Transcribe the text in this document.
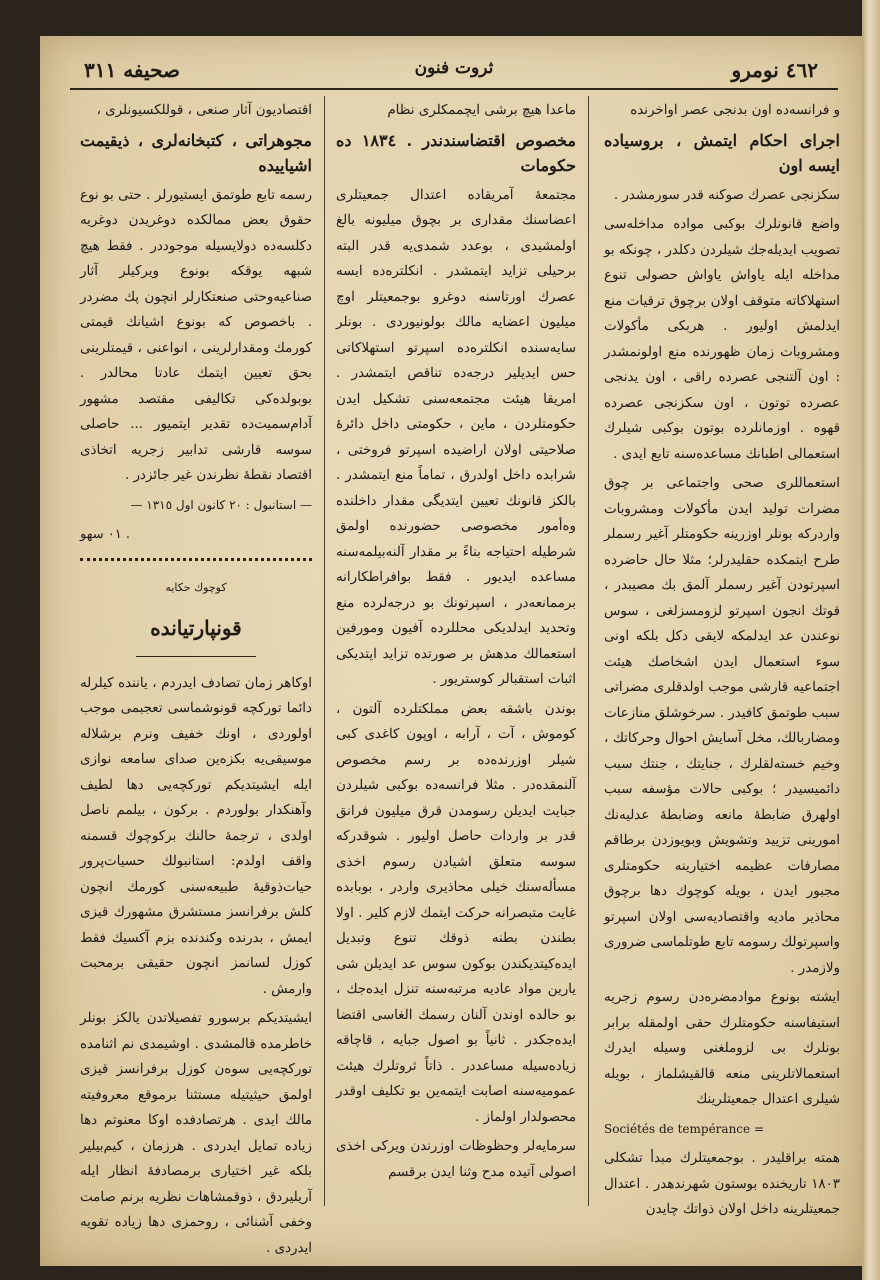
صحيفه ٣١١	ثروت فنون	٤٦٢ نومرو

و فرانسه‌ده اون بدنجی عصر اواخرنده

اجرای احکام ایتمش ، بروسیاده ایسه اون

سکزنجی عصرك صوكنه قدر سورمشدر .

واضع قانونلرك بوكبی مواده مداخله‌سی تصویب ایدیله‌جك شیلردن دكلدر ، چونكه بو مداخله ایله یاواش یاواش حصولی تنوع استهلاكاته متوقف اولان برچوق ترقیات منع ایدلمش اولیور . هربكی مأكولات ومشروبات زمان ظهورنده منع اولونمشدر : اون آلتنجی عصرده راقی ، اون یدنجی عصرده توتون ، اون سكزنجی عصرده قهوه . اوزمانلرده بوتون بوكبی شیلرك استعمالی اطبانك مساعده‌سنه تابع ایدی .

استعماللری صحی واجتماعی بر چوق مضرات تولید ایدن مأكولات ومشروبات واردركه بونلر اوزرینه حكومتلر آغیر رسملر طرح ایتمكده حقلیدرلر؛ مثلا حال حاضرده اسپرتودن آغیر رسملر آلمق بك مصیبدر ، قوتك انجون اسپرتو لزومسزلغی ، سوس نوعندن عد ایدلمكه لایقی دكل بلكه اونی سوء استعمال ایدن اشخاصك هیئت اجتماعیه قارشی موجب اولدقلری مضراتی سبب طوتمق كافیدر . سرخوشلق منازعات ومضاربالك، مخل آسایش احوال وحركاتك ، وخیم خسته‌لقلرك ، جنایتك ، جنتك سبب دائمیسیدر ؛ بوكبی حالات مؤسفه سبب اولهرق ضابطهٔ مانعه وضابطهٔ عدلیه‌نك امورینی تزیید وتشویش وبویوزدن برطاقم مصارفات عظیمه اختیارینه حكومتلری مجبور ایدن ، بویله كوچوك دها برچوق محاذیر مادیه واقتصادیه‌سی اولان اسپرتو واسپرتولك رسومه تابع طوتلماسی ضروری ولازمدر .

ایشته بونوع موادمضره‌دن رسوم زجریه استیفاسنه حكومتلرك حقی اولمقله برابر بونلرك بی لزوملغنی وسیله ایدرك استعمالاتلرینی منعه قالقیشلماز ، بویله شیلری اعتدال جمعیتلرینك

Sociétés de tempérance =

همته براقلیدر . بوجمعیتلرك مبدأ تشكلی ١٨٠٣ تاریخنده بوستون شهرندهدر . اعتدال جمعیتلرینه داخل اولان ذواتك چایدن

ماعدا هیچ برشی ایچممكلری نظام

مخصوص اقتضاسندندر . ١٨٣٤ ده حكومات

مجتمعهٔ آمریقاده اعتدال جمعیتلری اعضاسنك مقداری بر بچوق میلیونه بالغ اولمشیدی ، بوعدد شمدی‌یه قدر البته برحیلی تزاید ایتمشدر . انكلتره‌ده ایسه عصرك اورتاسنه دوغرو بوجمعیتلر اوچ میلیون اعضایه مالك بولونیوردی . بونلر سایه‌سنده انكلتره‌ده اسپرتو استهلاكاتی حس ایدیلیر درجه‌ده تناقص ایتمشدر . امریقا هیئت مجتمعه‌سنی تشكیل ایدن حكومتلردن ، ماین ، حكومتی داخل دائرهٔ صلاحیتی اولان اراضیده اسپرتو فروختی ، شرابده داخل اولدرق ، تماماً منع ایتمشدر . بالكز قانونك تعیین ایتدیگی مقدار داخلنده وه‌أمور مخصوصی حضورنده اولمق شرطیله احتیاجه بناءً بر مقدار آلنه‌بیلمه‌سنه مساعده ایدیور . فقط بوافراطكارانه برممانعه‌در ، اسپرتونك بو درجه‌لرده منع وتحدید ایدلدیكی محللرده آفیون ومورفین استعمالك مدهش بر صورتده تزاید ایتدیكی اثبات استقبالر كوستریور .

بوندن باشقه بعض مملكتلرده آلتون ، كوموش ، آت ، آرابه ، اوپون كاغدی كبی شیلر اوزرنده‌ده بر رسم مخصوص آلنمقده‌در . مثلا فرانسه‌ده بوكبی شیلردن جبایت ایدیلن رسومدن قرق میلیون فرانق قدر بر واردات حاصل اولیور . شوقدركه سوسه متعلق اشیادن رسوم اخذی مسأله‌سنك خیلی محاذیری واردر ، بوبابده غایت متبصرانه حركت ایتمك لازم كلیر . اولا بطندن بطنه ذوقك تنوع وتبدیل ایده‌كیتدیكندن بوكون سوس عد ایدیلن شی یارین مواد عادیه مرتبه‌سنه تنزل ایده‌جك ، بو حالده اوندن آلنان رسمك الغاسی اقتضا ایده‌جكدر . ثانیاً بو اصول جبایه ، قاچاقه زیاده‌سیله مساعددر . ذاتاً ثروتلرك هیئت عمومیه‌سنه اصابت ایتمه‌ین بو تكلیف اوقدر محصولدار اولماز .

سرمایه‌لر وحظوظات اوزرندن ویركی اخذی اصولی آتیده مدح وثنا ایدن برقسم

اقتصادیون آثار صنعی ، قوللكسیونلری ،

مجوهراتی ، كتبخانه‌لری ، ذیقیمت اشیاییده

رسمه تابع طوتمق ایستیورلر . حتی بو نوع حقوق بعض ممالكده دوغریدن دوغریه دكلسه‌ده دولایسیله موجوددر . فقط هیچ شبهه یوقكه بونوع ویركیلر آثار صناعیه‌وحتی صنعتكارلر انچون پك مضردر . باخصوص كه بونوع اشیانك قیمتی كورمك ومقدارلرینی ، انواعنی ، قیمتلرینی بحق تعیین ایتمك عادتا محالدر . بوبولده‌كی تكالیفی مقتصد مشهور آدام‌سمیت‌ده تقدیر ایتمیور ... حاصلی سوسه قارشی تدابیر زجریه اتخاذی اقتصاد نقطهٔ نظرندن غیر جائزدر .

— استانبول : ٢٠ كانون اول ١٣١٥ —

٠١ سهو .

كوچوك حكایه
قونپارتیانده

اوكاهر زمان تصادف ایدردم ، یاننده كیلرله دائما توركچه قونوشماسی تعجبمی موجب اولوردی ، اونك خفیف ونرم برشلاله موسیقی‌یه بكزه‌ین صدای سامعه نوازی ایله ایشیتدیكم توركچه‌یی دها لطیف وآهنكدار بولوردم . بركون ، بیلمم ناصل اولدی ، ترجمهٔ حالنك بركوچوك قسمنه واقف اولدم: استانبولك حسیات‌پرور حیات‌ذوقیهٔ طبیعه‌سنی كورمك انچون كلش برفرانسز مستشرق مشهورك قیزی ایمش ، بدرنده وكندنده بزم آكسیك فقط كوزل لسانمز انچون حقیقی برمحبت وارمش .

ایشیتدیكم برسورو تفصیلاتدن یالكز بونلر خاطرمده قالمشدی . اوشیمدی نم اثنامده توركچه‌یی سوه‌ن كوزل برفرانسز قیزی اولمق حیثیتیله مستثنا برموقع معروفیته مالك ایدی . هرتصادفده اوكا معنوتم دها زیاده تمایل ایدردی . هرزمان ، كیم‌بیلیر بلكه غیر اختیاری برمصادفهٔ انظار ایله آریلیردق ، ذوقمشاهات نظریه برنم صامت وخفی آشنائی ، روحمزی دها زیاده تقویه ایدردی .
